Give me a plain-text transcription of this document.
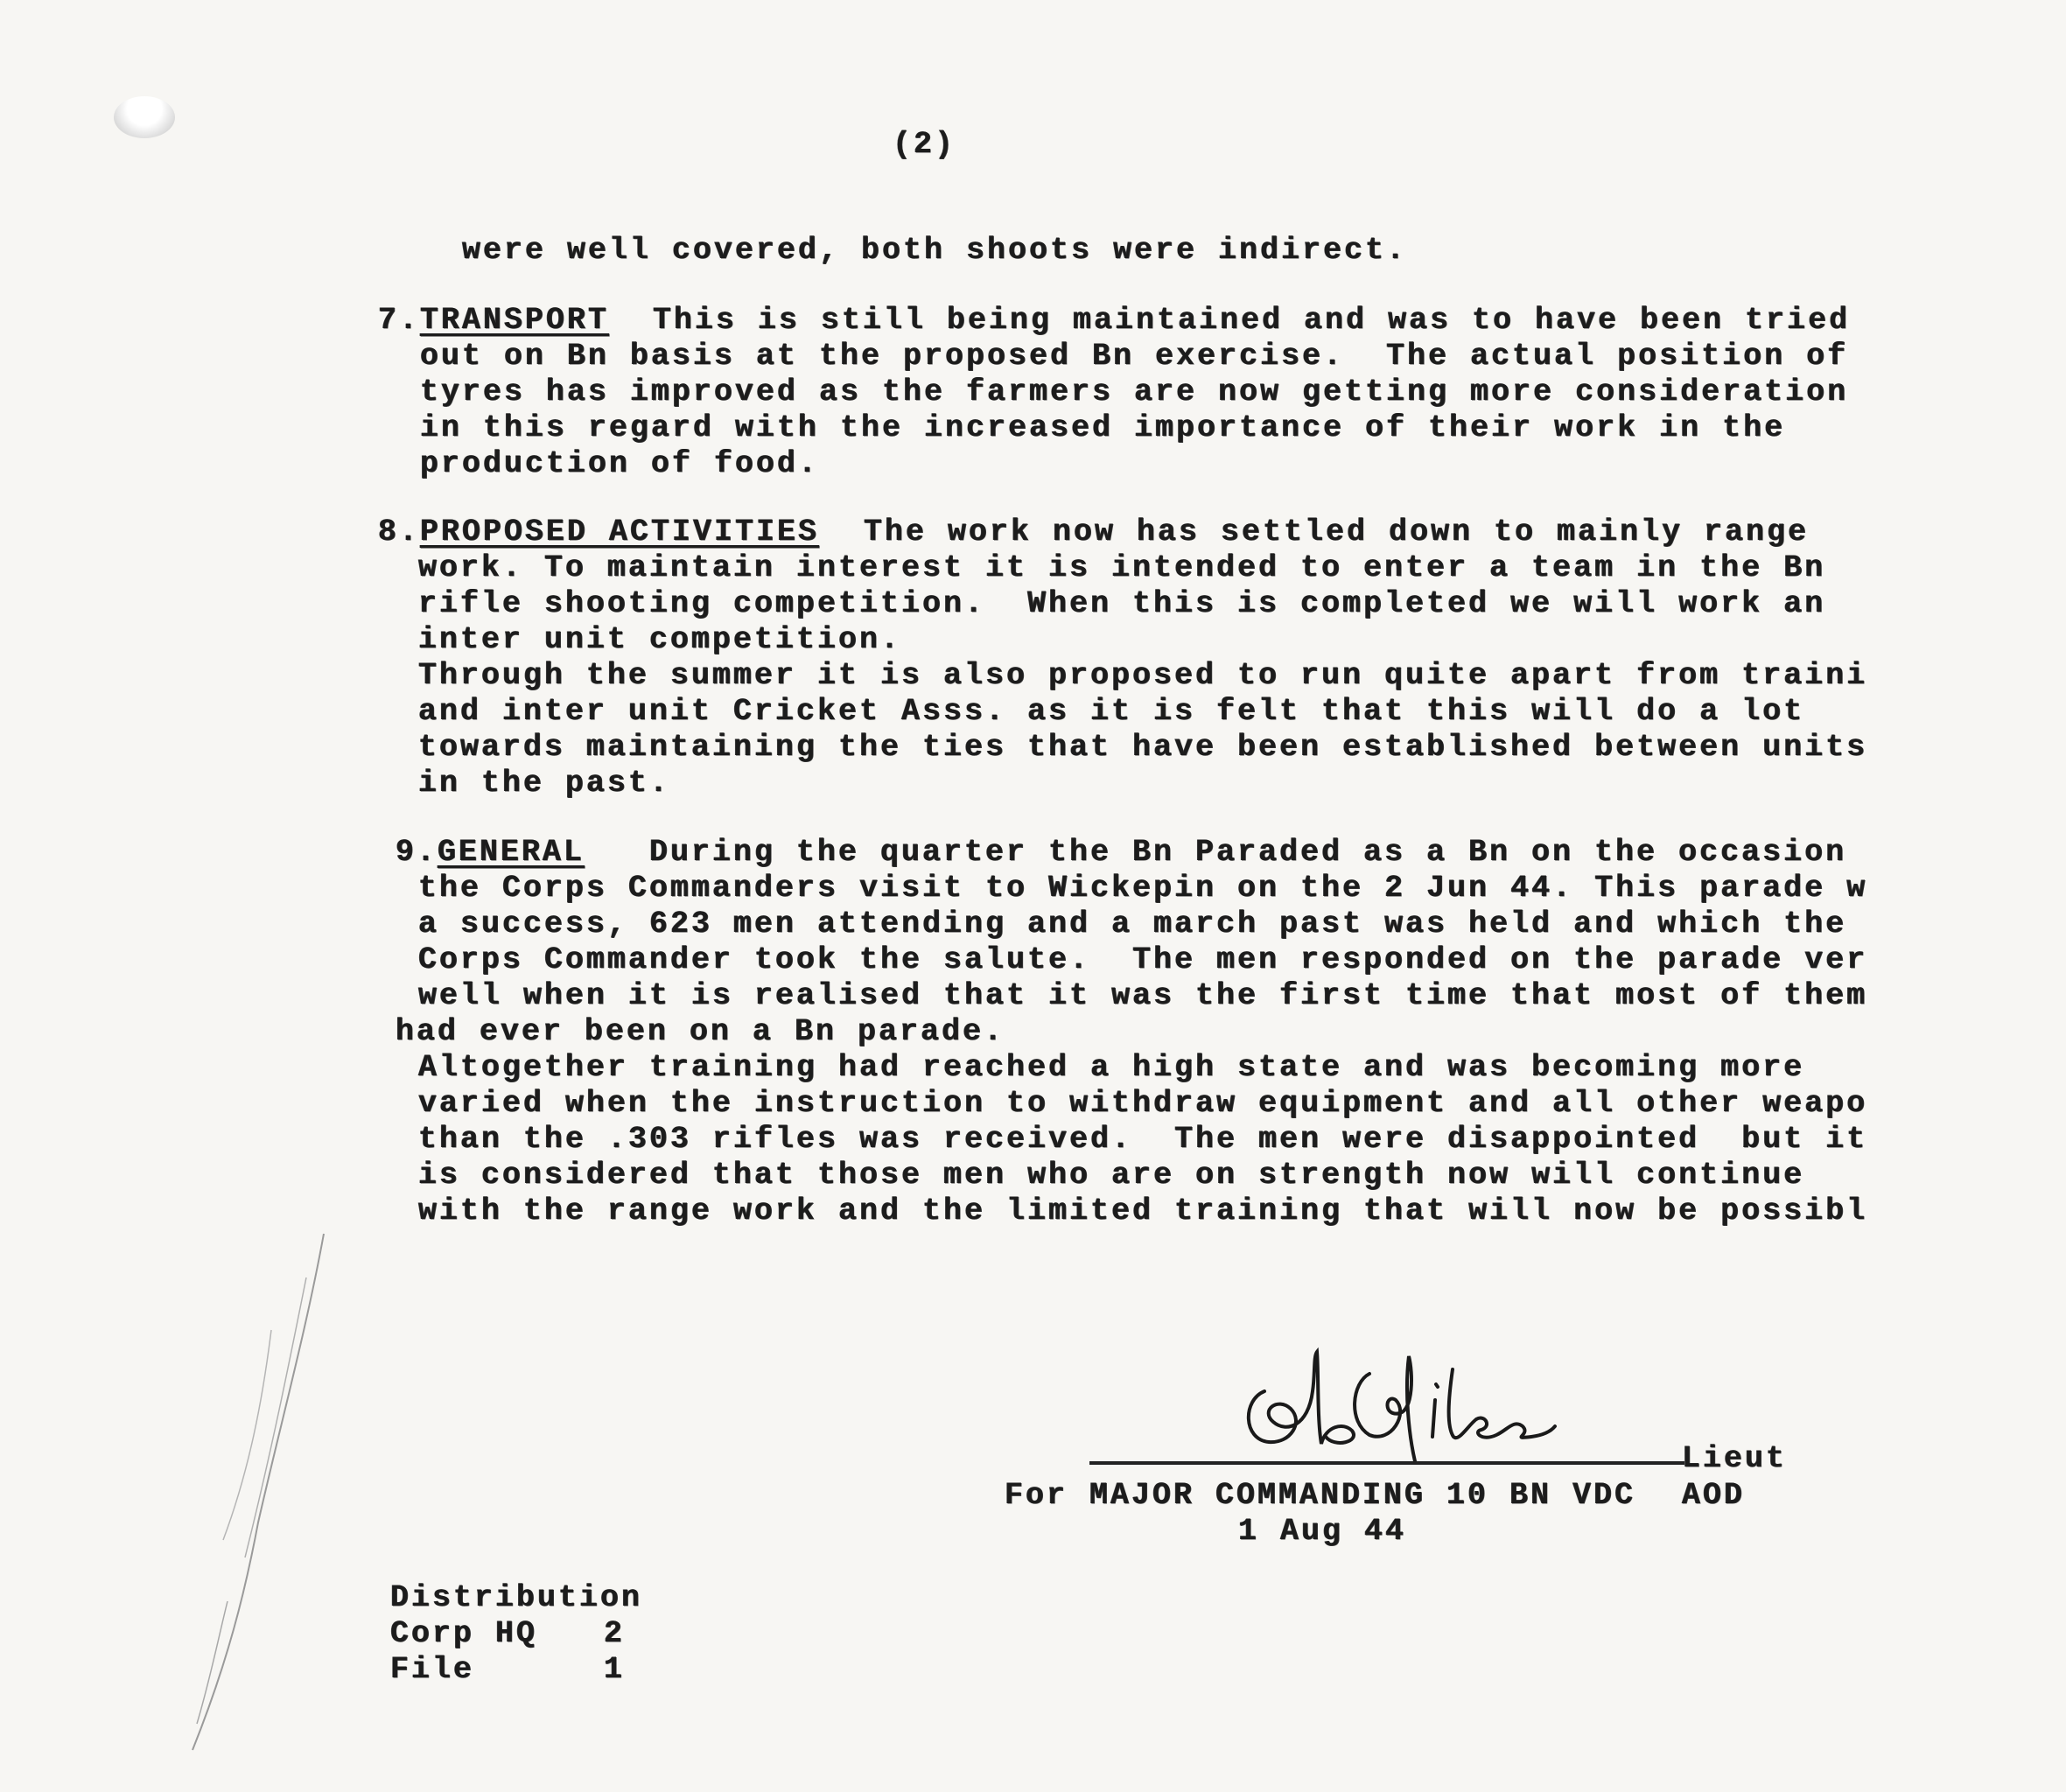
(2)
were well covered, both shoots were indirect.
7.TRANSPORT This is still being maintained and was to have been tried
out on Bn basis at the proposed Bn exercise.  The actual position of
tyres has improved as the farmers are now getting more consideration
in this regard with the increased importance of their work in the
production of food.
8.PROPOSED ACTIVITIES The work now has settled down to mainly range
work. To maintain interest it is intended to enter a team in the Bn
rifle shooting competition.  When this is completed we will work an
inter unit competition.
Through the summer it is also proposed to run quite apart from traini
and inter unit Cricket Asss. as it is felt that this will do a lot
towards maintaining the ties that have been established between units
in the past.
9.GENERAL During the quarter the Bn Paraded as a Bn on the occasion
the Corps Commanders visit to Wickepin on the 2 Jun 44. This parade w
a success, 623 men attending and a march past was held and which the
Corps Commander took the salute.  The men responded on the parade ver
well when it is realised that it was the first time that most of them
had ever been on a Bn parade.
Altogether training had reached a high state and was becoming more
varied when the instruction to withdraw equipment and all other weapo
than the .303 rifles was received.  The men were disappointed  but it
is considered that those men who are on strength now will continue
with the range work and the limited training that will now be possibl
Lieut
For MAJOR COMMANDING 10 BN VDC AOD
1 Aug 44
Distribution
Corp HQ 2
File	1
